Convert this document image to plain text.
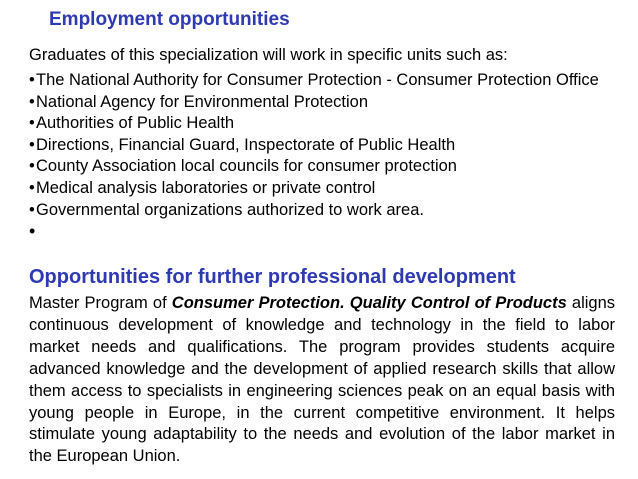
Employment opportunities
Graduates of this specialization will work in specific units such as:
•The National Authority for Consumer Protection - Consumer Protection Office
•National Agency for Environmental Protection
•Authorities of Public Health
•Directions, Financial Guard, Inspectorate of Public Health
•County Association local councils for consumer protection
•Medical analysis laboratories or private control
•Governmental organizations authorized to work area.
•
Opportunities for further professional development

Master Program of Consumer Protection. Quality Control of Products aligns continuous development of knowledge and technology in the field to labor market needs and qualifications. The program provides students acquire advanced knowledge and the development of applied research skills that allow them access to specialists in engineering sciences peak on an equal basis with young people in Europe, in the current competitive environment. It helps stimulate young adaptability to the needs and evolution of the labor market in the European Union.
